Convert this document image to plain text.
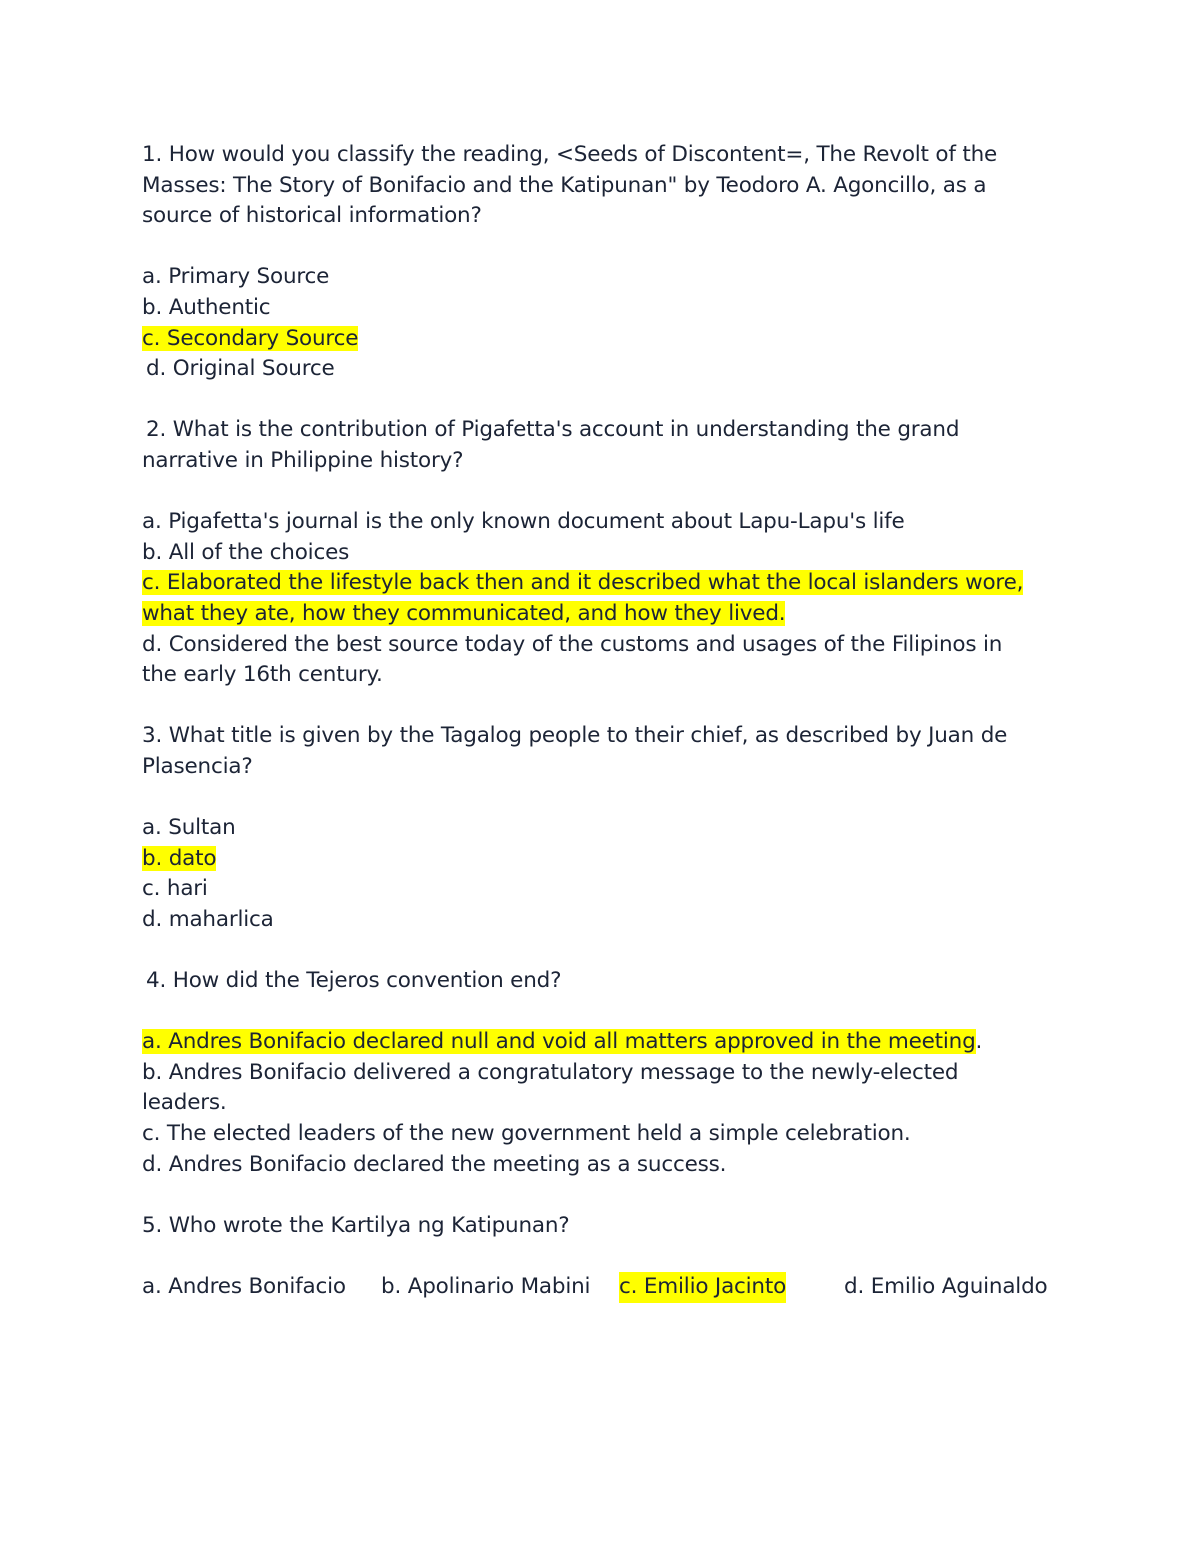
1. How would you classify the reading, <Seeds of Discontent=, The Revolt of the
Masses: The Story of Bonifacio and the Katipunan" by Teodoro A. Agoncillo, as a
source of historical information?
a. Primary Source
b. Authentic
c. Secondary Source
d. Original Source
2. What is the contribution of Pigafetta's account in understanding the grand
narrative in Philippine history?
a. Pigafetta's journal is the only known document about Lapu-Lapu's life
b. All of the choices
c. Elaborated the lifestyle back then and it described what the local islanders wore,
what they ate, how they communicated, and how they lived.
d. Considered the best source today of the customs and usages of the Filipinos in
the early 16th century.
3. What title is given by the Tagalog people to their chief, as described by Juan de
Plasencia?
a. Sultan
b. dato
c. hari
d. maharlica
4. How did the Tejeros convention end?
a. Andres Bonifacio declared null and void all matters approved in the meeting.
b. Andres Bonifacio delivered a congratulatory message to the newly-elected
leaders.
c. The elected leaders of the new government held a simple celebration.
d. Andres Bonifacio declared the meeting as a success.
5. Who wrote the Kartilya ng Katipunan?
a. Andres Bonifacio b. Apolinario Mabini c. Emilio Jacinto	d. Emilio Aguinaldo
